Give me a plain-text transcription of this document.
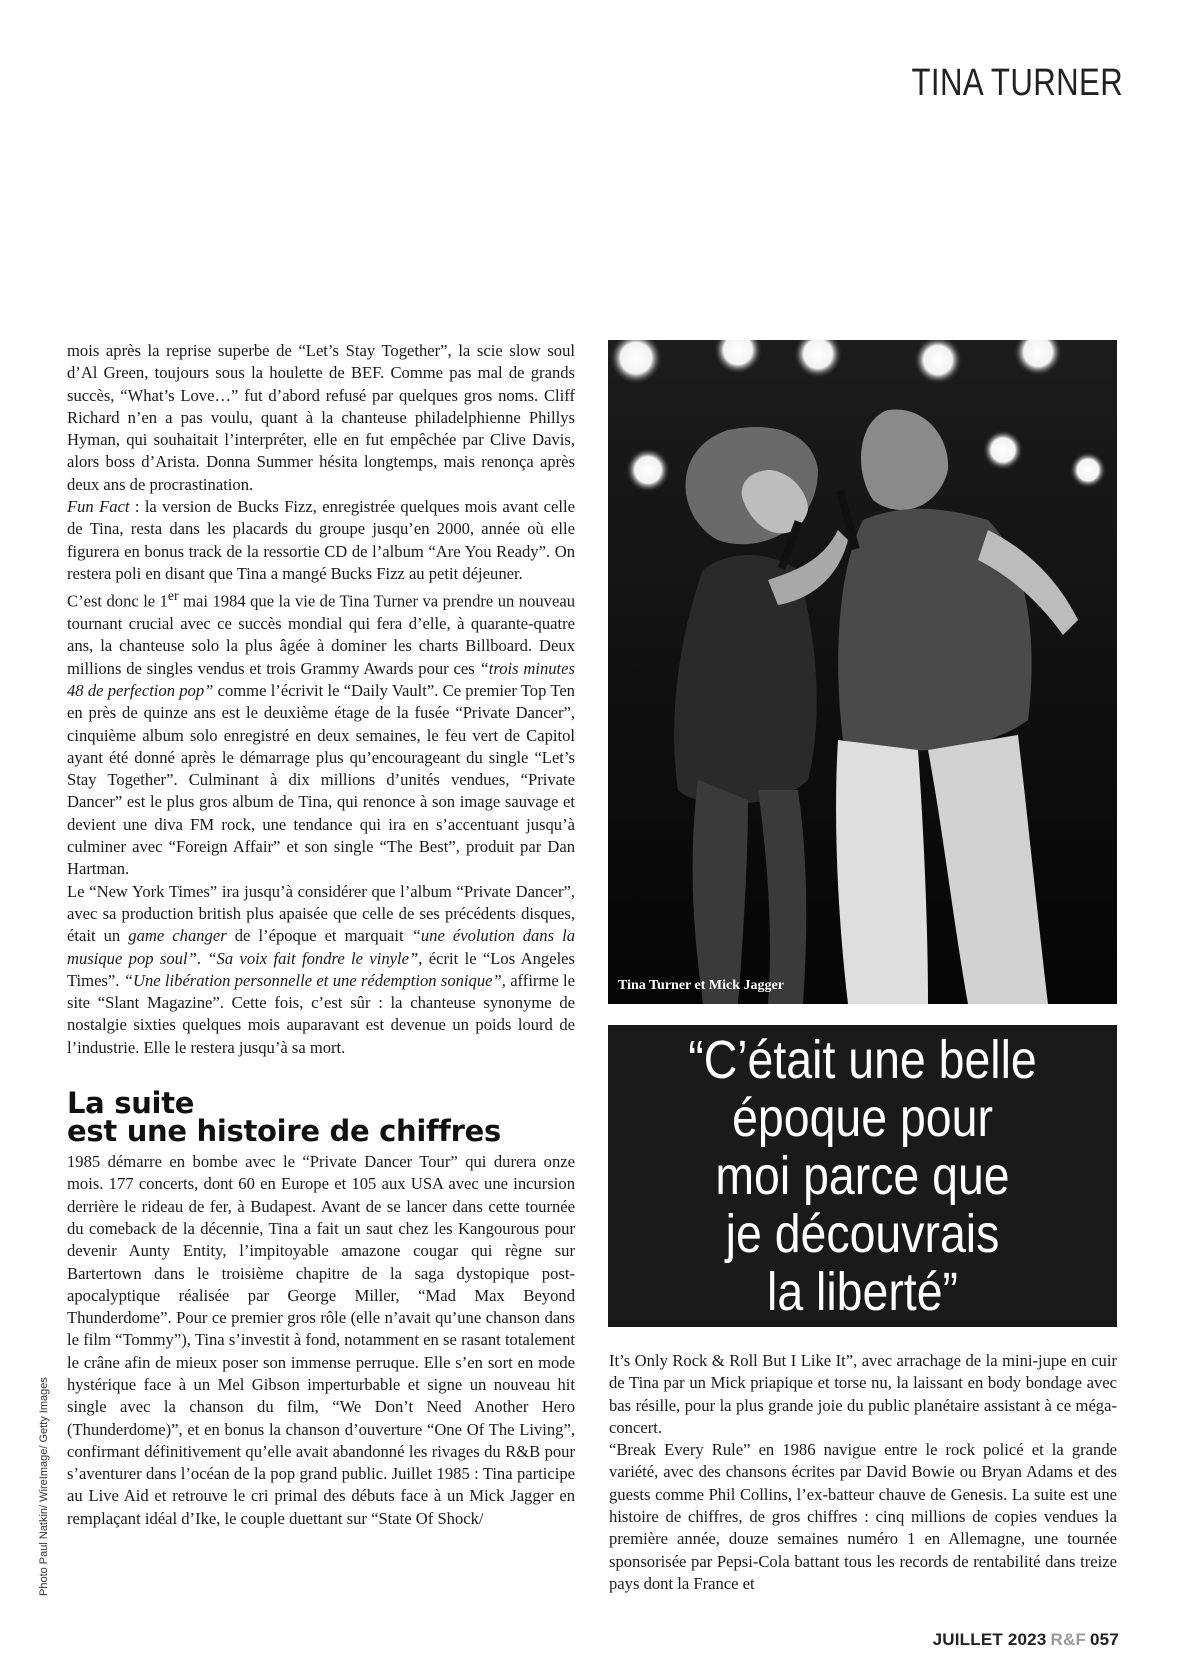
TINA TURNER

mois après la reprise superbe de “Let’s Stay Together”, la scie slow soul d’Al Green, toujours sous la houlette de BEF. Comme pas mal de grands succès, “What’s Love…” fut d’abord refusé par quelques gros noms. Cliff Richard n’en a pas voulu, quant à la chanteuse philadelphienne Phillys Hyman, qui souhaitait l’interpréter, elle en fut empêchée par Clive Davis, alors boss d’Arista. Donna Summer hésita longtemps, mais renonça après deux ans de procrastination.

Fun Fact : la version de Bucks Fizz, enregistrée quelques mois avant celle de Tina, resta dans les placards du groupe jusqu’en 2000, année où elle figurera en bonus track de la ressortie CD de l’album “Are You Ready”. On restera poli en disant que Tina a mangé Bucks Fizz au petit déjeuner.

C’est donc le 1er mai 1984 que la vie de Tina Turner va prendre un nouveau tournant crucial avec ce succès mondial qui fera d’elle, à quarante-quatre ans, la chanteuse solo la plus âgée à dominer les charts Billboard. Deux millions de singles vendus et trois Grammy Awards pour ces “trois minutes 48 de perfection pop” comme l’écrivit le “Daily Vault”. Ce premier Top Ten en près de quinze ans est le deuxième étage de la fusée “Private Dancer”, cinquième album solo enregistré en deux semaines, le feu vert de Capitol ayant été donné après le démarrage plus qu’encourageant du single “Let’s Stay Together”. Culminant à dix millions d’unités vendues, “Private Dancer” est le plus gros album de Tina, qui renonce à son image sauvage et devient une diva FM rock, une tendance qui ira en s’accentuant jusqu’à culminer avec “Foreign Affair” et son single “The Best”, produit par Dan Hartman.

Le “New York Times” ira jusqu’à considérer que l’album “Private Dancer”, avec sa production british plus apaisée que celle de ses précédents disques, était un game changer de l’époque et marquait “une évolution dans la musique pop soul”. “Sa voix fait fondre le vinyle”, écrit le “Los Angeles Times”. “Une libération personnelle et une rédemption sonique”, affirme le site “Slant Magazine”. Cette fois, c’est sûr : la chanteuse synonyme de nostalgie sixties quelques mois auparavant est devenue un poids lourd de l’industrie. Elle le restera jusqu’à sa mort.

La suite
est une histoire de chiffres

1985 démarre en bombe avec le “Private Dancer Tour” qui durera onze mois. 177 concerts, dont 60 en Europe et 105 aux USA avec une incursion derrière le rideau de fer, à Budapest. Avant de se lancer dans cette tournée du comeback de la décennie, Tina a fait un saut chez les Kangourous pour devenir Aunty Entity, l’impitoyable amazone cougar qui règne sur Bartertown dans le troisième chapitre de la saga dystopique post-apocalyptique réalisée par George Miller, “Mad Max Beyond Thunderdome”. Pour ce premier gros rôle (elle n’avait qu’une chanson dans le film “Tommy”), Tina s’investit à fond, notamment en se rasant totalement le crâne afin de mieux poser son immense perruque. Elle s’en sort en mode hystérique face à un Mel Gibson imperturbable et signe un nouveau hit single avec la chanson du film, “We Don’t Need Another Hero (Thunderdome)”, et en bonus la chanson d’ouverture “One Of The Living”, confirmant définitivement qu’elle avait abandonné les rivages du R&B pour s’aventurer dans l’océan de la pop grand public. Juillet 1985 : Tina participe au Live Aid et retrouve le cri primal des débuts face à un Mick Jagger en remplaçant idéal d’Ike, le couple duettant sur “State Of Shock/

Tina Turner et Mick Jagger
“C’était une belle
époque pour
moi parce que
je découvrais
la liberté”

It’s Only Rock & Roll But I Like It”, avec arrachage de la mini-jupe en cuir de Tina par un Mick priapique et torse nu, la laissant en body bondage avec bas résille, pour la plus grande joie du public planétaire assistant à ce méga-concert.

“Break Every Rule” en 1986 navigue entre le rock policé et la grande variété, avec des chansons écrites par David Bowie ou Bryan Adams et des guests comme Phil Collins, l’ex-batteur chauve de Genesis. La suite est une histoire de chiffres, de gros chiffres : cinq millions de copies vendues la première année, douze semaines numéro 1 en Allemagne, une tournée sponsorisée par Pepsi-Cola battant tous les records de rentabilité dans treize pays dont la France et

Photo Paul Natkin/ WireImage/ Getty Images
JUILLET 2023 R&F 057
